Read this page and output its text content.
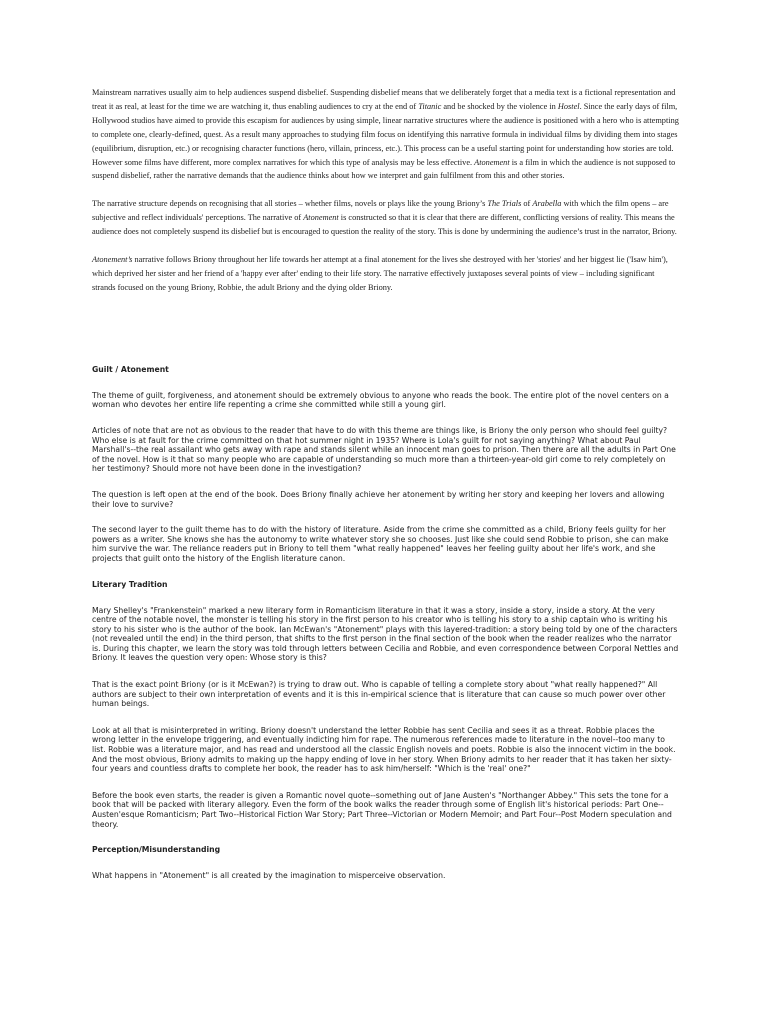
Mainstream narratives usually aim to help audiences suspend disbelief. Suspending disbelief means that we deliberately forget that a media text is a fictional representation and treat it as real, at least for the time we are watching it, thus enabling audiences to cry at the end of Titanic and be shocked by the violence in Hostel. Since the early days of film, Hollywood studios have aimed to provide this escapism for audiences by using simple, linear narrative structures where the audience is positioned with a hero who is attempting to complete one, clearly-defined, quest. As a result many approaches to studying film focus on identifying this narrative formula in individual films by dividing them into stages (equilibrium, disruption, etc.) or recognising character functions (hero, villain, princess, etc.). This process can be a useful starting point for understanding how stories are told. However some films have different, more complex narratives for which this type of analysis may be less effective. Atonement is a film in which the audience is not supposed to suspend disbelief, rather the narrative demands that the audience thinks about how we interpret and gain fulfilment from this and other stories.

The narrative structure depends on recognising that all stories – whether films, novels or plays like the young Briony’s The Trials of Arabella with which the film opens – are subjective and reflect individuals' perceptions. The narrative of Atonement is constructed so that it is clear that there are different, conflicting versions of reality. This means the audience does not completely suspend its disbelief but is encouraged to question the reality of the story. This is done by undermining the audience’s trust in the narrator, Briony.

Atonement’s narrative follows Briony throughout her life towards her attempt at a final atonement for the lives she destroyed with her 'stories' and her biggest lie ('Isaw him'), which deprived her sister and her friend of a 'happy ever after' ending to their life story. The narrative effectively juxtaposes several points of view – including significant strands focused on the young Briony, Robbie, the adult Briony and the dying older Briony.

Guilt / Atonement

The theme of guilt, forgiveness, and atonement should be extremely obvious to anyone who reads the book. The entire plot of the novel centers on a woman who devotes her entire life repenting a crime she committed while still a young girl.

Articles of note that are not as obvious to the reader that have to do with this theme are things like, is Briony the only person who should feel guilty? Who else is at fault for the crime committed on that hot summer night in 1935? Where is Lola's guilt for not saying anything? What about Paul Marshall's--the real assailant who gets away with rape and stands silent while an innocent man goes to prison. Then there are all the adults in Part One of the novel. How is it that so many people who are capable of understanding so much more than a thirteen-year-old girl come to rely completely on her testimony? Should more not have been done in the investigation?

The question is left open at the end of the book. Does Briony finally achieve her atonement by writing her story and keeping her lovers and allowing their love to survive?

The second layer to the guilt theme has to do with the history of literature. Aside from the crime she committed as a child, Briony feels guilty for her powers as a writer. She knows she has the autonomy to write whatever story she so chooses. Just like she could send Robbie to prison, she can make him survive the war. The reliance readers put in Briony to tell them "what really happened" leaves her feeling guilty about her life's work, and she projects that guilt onto the history of the English literature canon.

Literary Tradition

Mary Shelley's "Frankenstein" marked a new literary form in Romanticism literature in that it was a story, inside a story, inside a story. At the very centre of the notable novel, the monster is telling his story in the first person to his creator who is telling his story to a ship captain who is writing his story to his sister who is the author of the book. Ian McEwan's "Atonement" plays with this layered-tradition: a story being told by one of the characters (not revealed until the end) in the third person, that shifts to the first person in the final section of the book when the reader realizes who the narrator is. During this chapter, we learn the story was told through letters between Cecilia and Robbie, and even correspondence between Corporal Nettles and Briony. It leaves the question very open: Whose story is this?

That is the exact point Briony (or is it McEwan?) is trying to draw out. Who is capable of telling a complete story about "what really happened?" All authors are subject to their own interpretation of events and it is this in-empirical science that is literature that can cause so much power over other human beings.

Look at all that is misinterpreted in writing. Briony doesn't understand the letter Robbie has sent Cecilia and sees it as a threat. Robbie places the wrong letter in the envelope triggering, and eventually indicting him for rape. The numerous references made to literature in the novel--too many to list. Robbie was a literature major, and has read and understood all the classic English novels and poets. Robbie is also the innocent victim in the book. And the most obvious, Briony admits to making up the happy ending of love in her story. When Briony admits to her reader that it has taken her sixty-four years and countless drafts to complete her book, the reader has to ask him/herself: "Which is the 'real' one?"

Before the book even starts, the reader is given a Romantic novel quote--something out of Jane Austen's "Northanger Abbey." This sets the tone for a book that will be packed with literary allegory. Even the form of the book walks the reader through some of English lit's historical periods: Part One--Austen'esque Romanticism; Part Two--Historical Fiction War Story; Part Three--Victorian or Modern Memoir; and Part Four--Post Modern speculation and theory.

Perception/Misunderstanding

What happens in "Atonement" is all created by the imagination to misperceive observation.
